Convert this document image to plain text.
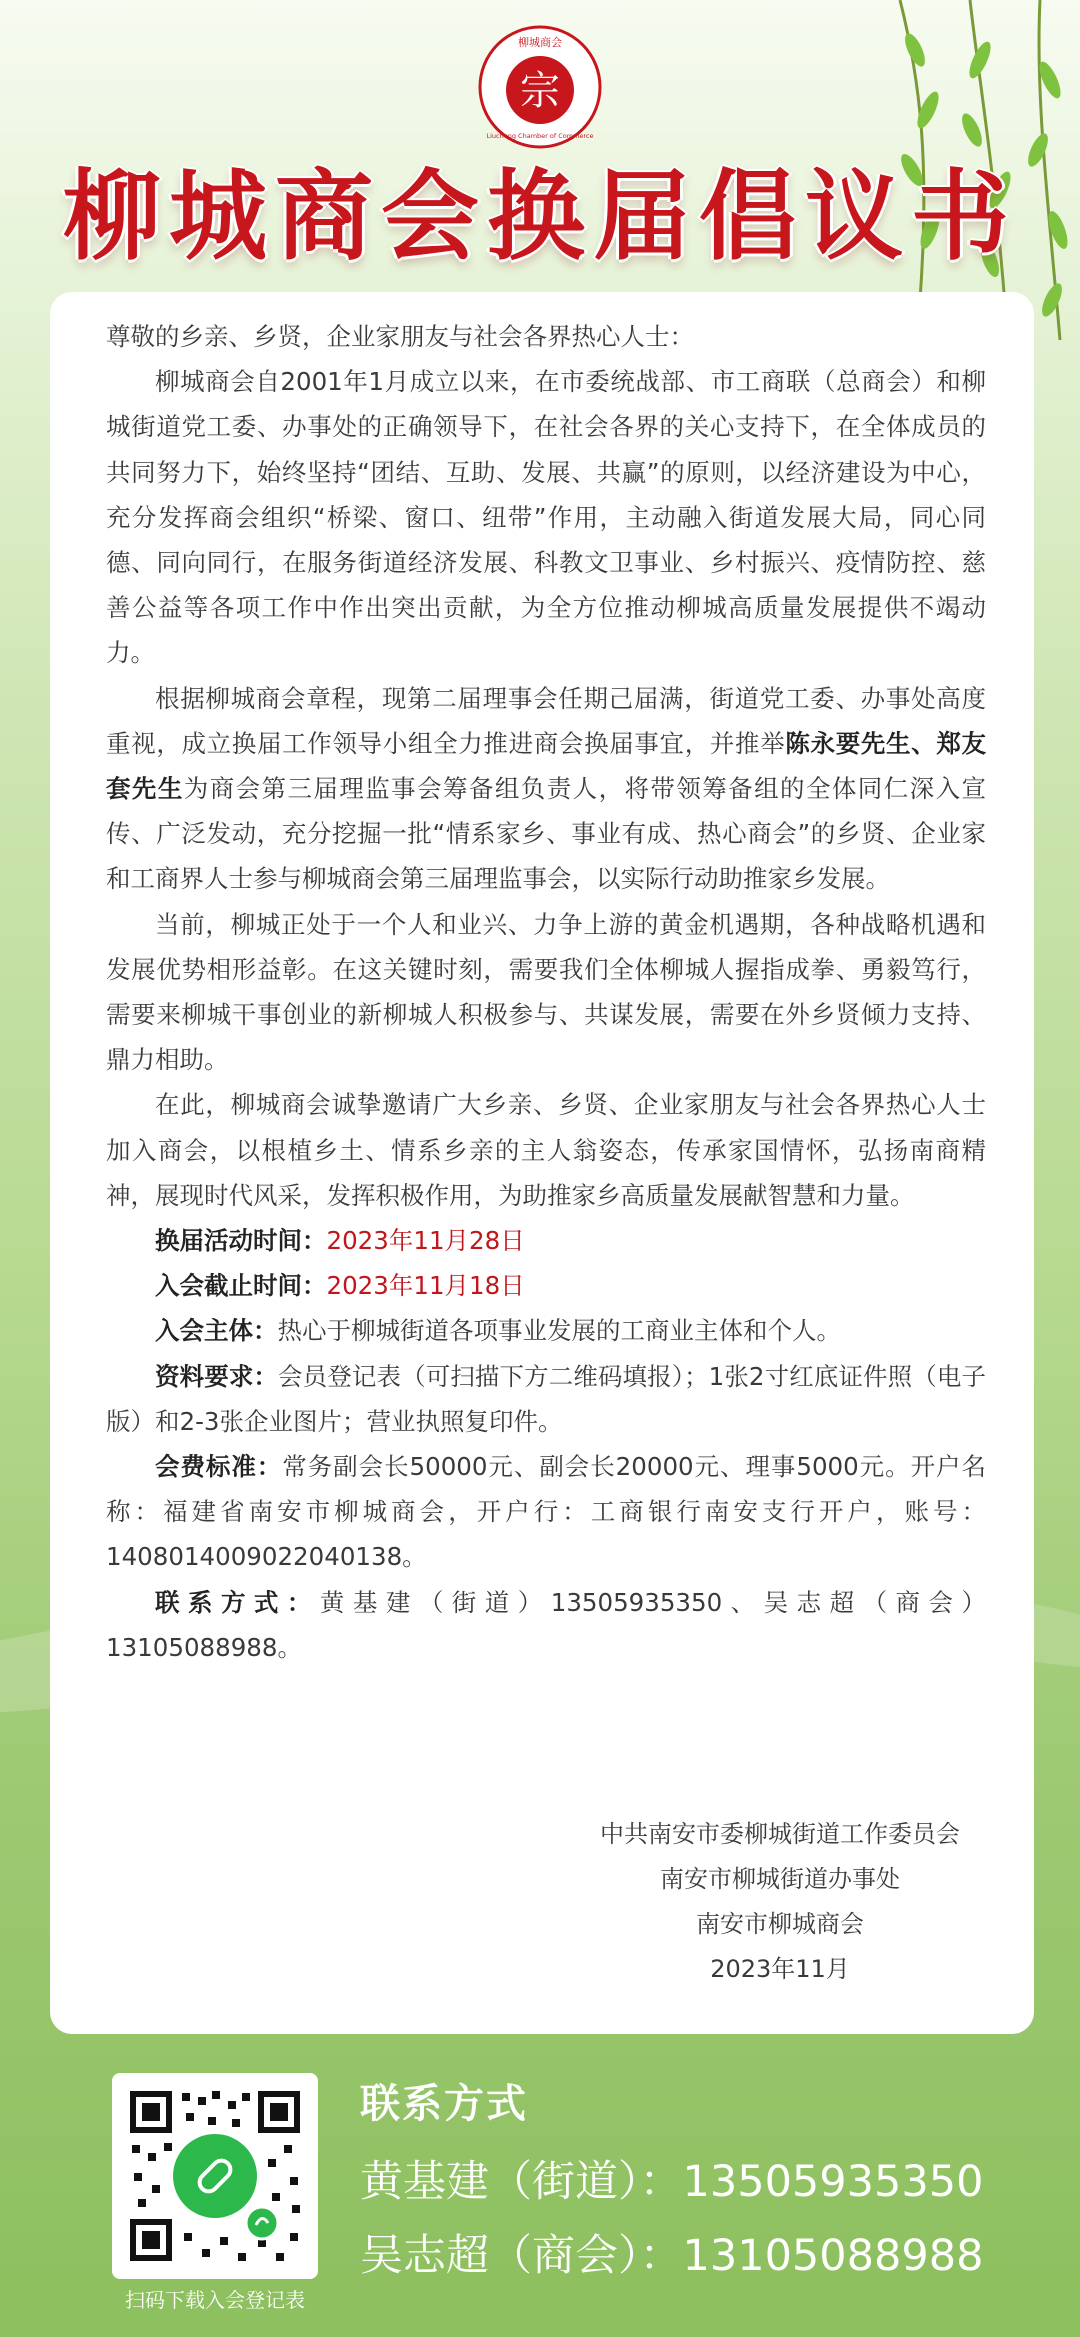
宗
柳城商会
Liucheng Chamber of Commerce
柳城商会换届倡议书

尊敬的乡亲、乡贤，企业家朋友与社会各界热心人士：

柳城商会自2001年1月成立以来，在市委统战部、市工商联（总商会）和柳城街道党工委、办事处的正确领导下，在社会各界的关心支持下，在全体成员的共同努力下，始终坚持“团结、互助、发展、共赢”的原则，以经济建设为中心，充分发挥商会组织“桥梁、窗口、纽带”作用，主动融入街道发展大局，同心同德、同向同行，在服务街道经济发展、科教文卫事业、乡村振兴、疫情防控、慈善公益等各项工作中作出突出贡献，为全方位推动柳城高质量发展提供不竭动力。

根据柳城商会章程，现第二届理事会任期己届满，街道党工委、办事处高度重视，成立换届工作领导小组全力推进商会换届事宜，并推举陈永要先生、郑友套先生为商会第三届理监事会筹备组负责人，将带领筹备组的全体同仁深入宣传、广泛发动，充分挖掘一批“情系家乡、事业有成、热心商会”的乡贤、企业家和工商界人士参与柳城商会第三届理监事会，以实际行动助推家乡发展。

当前，柳城正处于一个人和业兴、力争上游的黄金机遇期，各种战略机遇和发展优势相形益彰。在这关键时刻，需要我们全体柳城人握指成拳、勇毅笃行，需要来柳城干事创业的新柳城人积极参与、共谋发展，需要在外乡贤倾力支持、鼎力相助。

在此，柳城商会诚挚邀请广大乡亲、乡贤、企业家朋友与社会各界热心人士加入商会，以根植乡土、情系乡亲的主人翁姿态，传承家国情怀，弘扬南商精神，展现时代风采，发挥积极作用，为助推家乡高质量发展献智慧和力量。

换届活动时间：2023年11月28日

入会截止时间：2023年11月18日

入会主体：热心于柳城街道各项事业发展的工商业主体和个人。

资料要求：会员登记表（可扫描下方二维码填报）；1张2寸红底证件照（电子版）和2-3张企业图片；营业执照复印件。

会费标准：常务副会长50000元、副会长20000元、理事5000元。开户名称：福建省南安市柳城商会，开户行：工商银行南安支行开户，账号：1408014009022040138。

联系方式：黄基建（街道）13505935350、吴志超（商会）13105088988。

中共南安市委柳城街道工作委员会
南安市柳城街道办事处
南安市柳城商会
2023年11月
扫码下载入会登记表
联系方式
黄基建（街道）：13505935350
吴志超（商会）：13105088988
